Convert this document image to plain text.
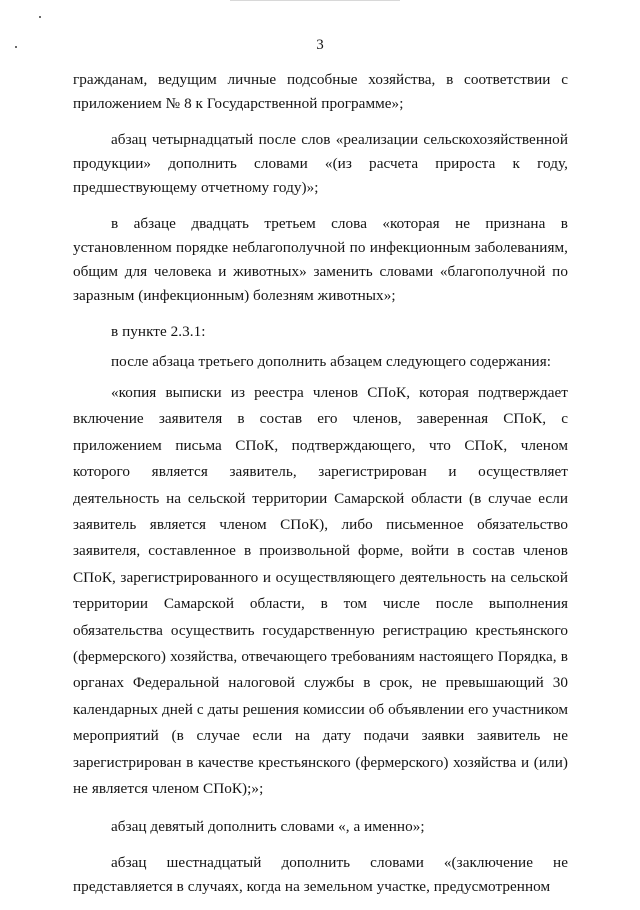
3

гражданам, ведущим личные подсобные хозяйства, в соответствии с приложением № 8 к Государственной программе»;

абзац четырнадцатый после слов «реализации сельскохозяйственной продукции» дополнить словами «(из расчета прироста к году, предшествующему отчетному году)»;

в абзаце двадцать третьем слова «которая не признана в установленном порядке неблагополучной по инфекционным заболеваниям, общим для человека и животных» заменить словами «благополучной по заразным (инфекционным) болезням животных»;

в пункте 2.3.1:

после абзаца третьего дополнить абзацем следующего содержания:

«копия выписки из реестра членов СПоК, которая подтверждает включение заявителя в состав его членов, заверенная СПоК, с приложением письма СПоК, подтверждающего, что СПоК, членом которого является заявитель, зарегистрирован и осуществляет деятельность на сельской территории Самарской области (в случае если заявитель является членом СПоК), либо письменное обязательство заявителя, составленное в произвольной форме, войти в состав членов СПоК, зарегистрированного и осуществляющего деятельность на сельской территории Самарской области, в том числе после выполнения обязательства осуществить государственную регистрацию крестьянского (фермерского) хозяйства, отвечающего требованиям настоящего Порядка, в органах Федеральной налоговой службы в срок, не превышающий 30 календарных дней с даты решения комиссии об объявлении его участником мероприятий (в случае если на дату подачи заявки заявитель не зарегистрирован в качестве крестьянского (фермерского) хозяйства и (или) не является членом СПоК);»;

абзац девятый дополнить словами «, а именно»;

абзац шестнадцатый дополнить словами «(заключение не представляется в случаях, когда на земельном участке, предусмотренном
